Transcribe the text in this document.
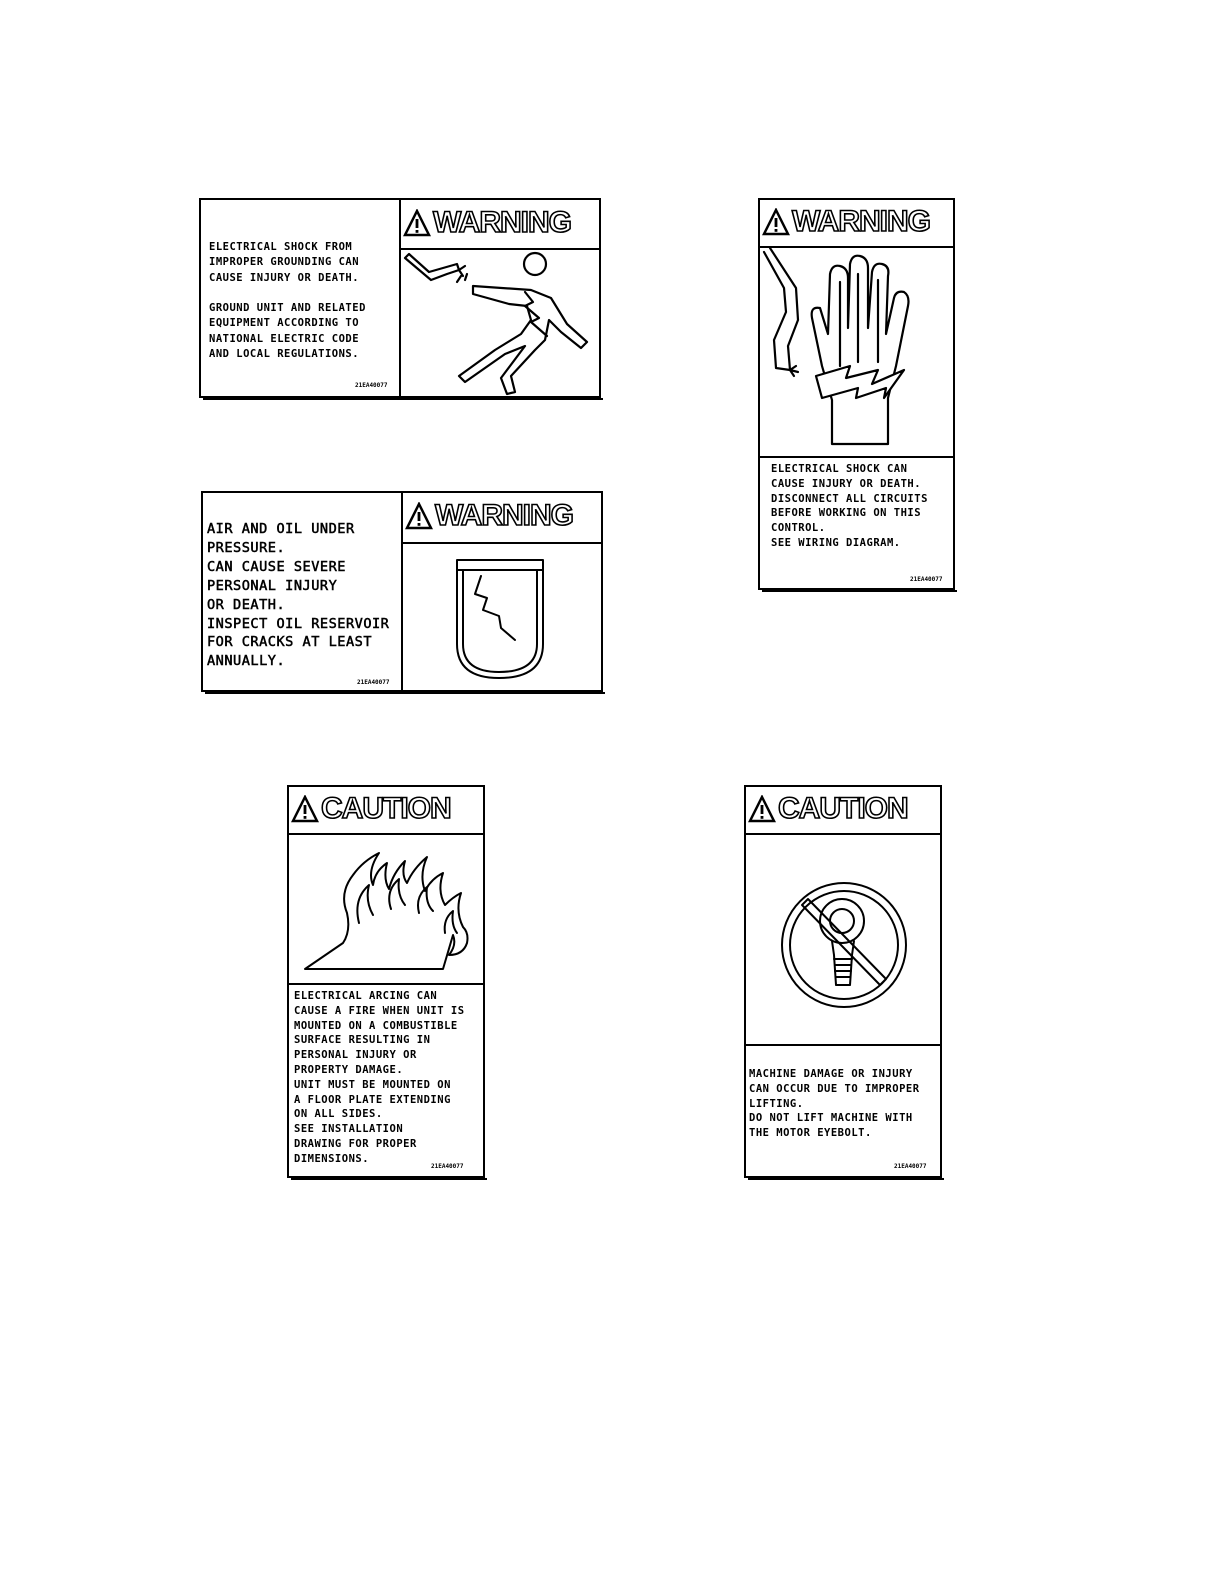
ELECTRICAL SHOCK FROM
IMPROPER GROUNDING CAN
CAUSE INJURY OR DEATH.

GROUND UNIT AND RELATED
EQUIPMENT ACCORDING TO
NATIONAL ELECTRIC CODE
AND LOCAL REGULATIONS.
21EA40077
WARNING	WARNING
ELECTRICAL SHOCK CAN
CAUSE INJURY OR DEATH.
DISCONNECT ALL CIRCUITS
BEFORE WORKING ON THIS
CONTROL.
SEE WIRING DIAGRAM.
21EA40077
AIR AND OIL UNDER
PRESSURE.
CAN CAUSE SEVERE
PERSONAL INJURY
OR DEATH.
INSPECT OIL RESERVOIR
FOR CRACKS AT LEAST
ANNUALLY.
21EA40077
WARNING
CAUTION
ELECTRICAL ARCING CAN
CAUSE A FIRE WHEN UNIT IS
MOUNTED ON A COMBUSTIBLE
SURFACE RESULTING IN
PERSONAL INJURY OR
PROPERTY DAMAGE.
UNIT MUST BE MOUNTED ON
A FLOOR PLATE EXTENDING
ON ALL SIDES.
SEE INSTALLATION
DRAWING FOR PROPER
DIMENSIONS.
21EA40077
CAUTION
MACHINE DAMAGE OR INJURY
CAN OCCUR DUE TO IMPROPER
LIFTING.
DO NOT LIFT MACHINE WITH
THE MOTOR EYEBOLT.
21EA40077
